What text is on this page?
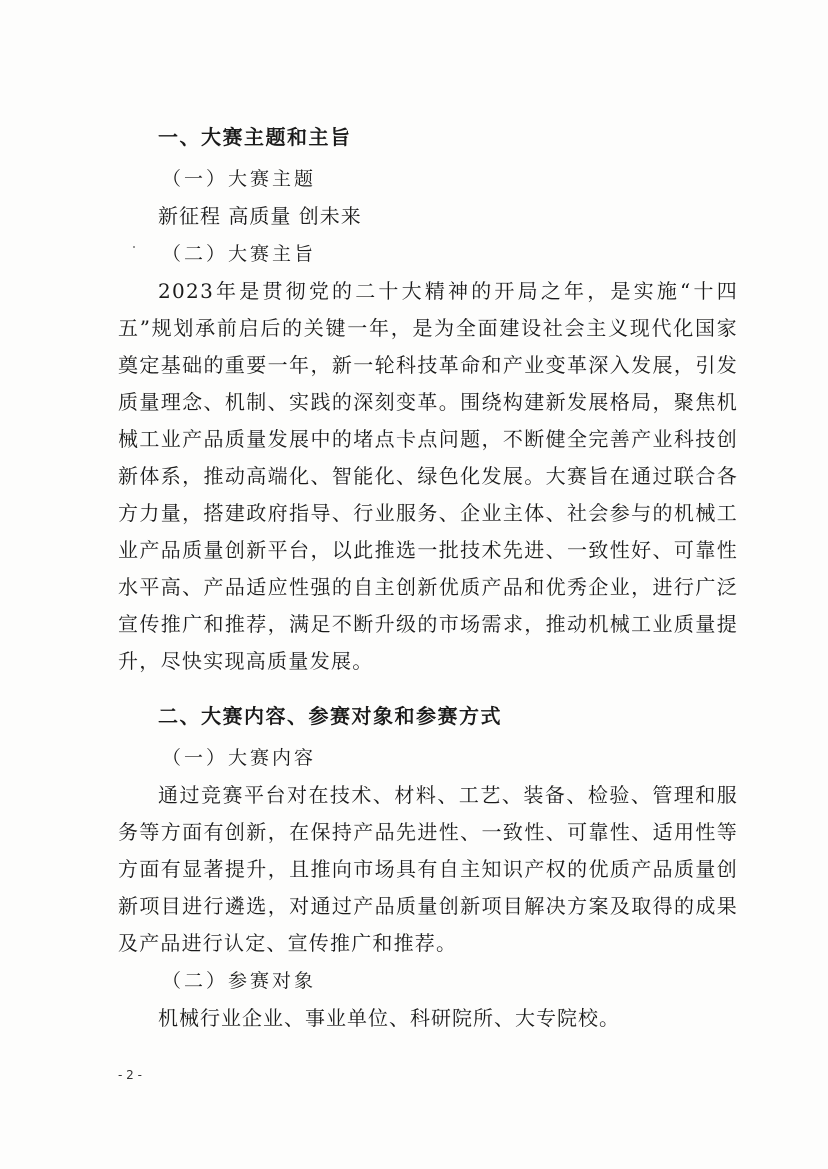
一、大赛主题和主旨
（一）大赛主题
新征程 高质量 创未来
（二）大赛主旨

2023年是贯彻党的二十大精神的开局之年，是实施“十四五”规划承前启后的关键一年，是为全面建设社会主义现代化国家奠定基础的重要一年，新一轮科技革命和产业变革深入发展，引发质量理念、机制、实践的深刻变革。围绕构建新发展格局，聚焦机械工业产品质量发展中的堵点卡点问题，不断健全完善产业科技创新体系，推动高端化、智能化、绿色化发展。大赛旨在通过联合各方力量，搭建政府指导、行业服务、企业主体、社会参与的机械工业产品质量创新平台，以此推选一批技术先进、一致性好、可靠性水平高、产品适应性强的自主创新优质产品和优秀企业，进行广泛宣传推广和推荐，满足不断升级的市场需求，推动机械工业质量提升，尽快实现高质量发展。

二、大赛内容、参赛对象和参赛方式
（一）大赛内容

通过竞赛平台对在技术、材料、工艺、装备、检验、管理和服务等方面有创新，在保持产品先进性、一致性、可靠性、适用性等方面有显著提升，且推向市场具有自主知识产权的优质产品质量创新项目进行遴选，对通过产品质量创新项目解决方案及取得的成果及产品进行认定、宣传推广和推荐。

（二）参赛对象
机械行业企业、事业单位、科研院所、大专院校。
- 2 -
